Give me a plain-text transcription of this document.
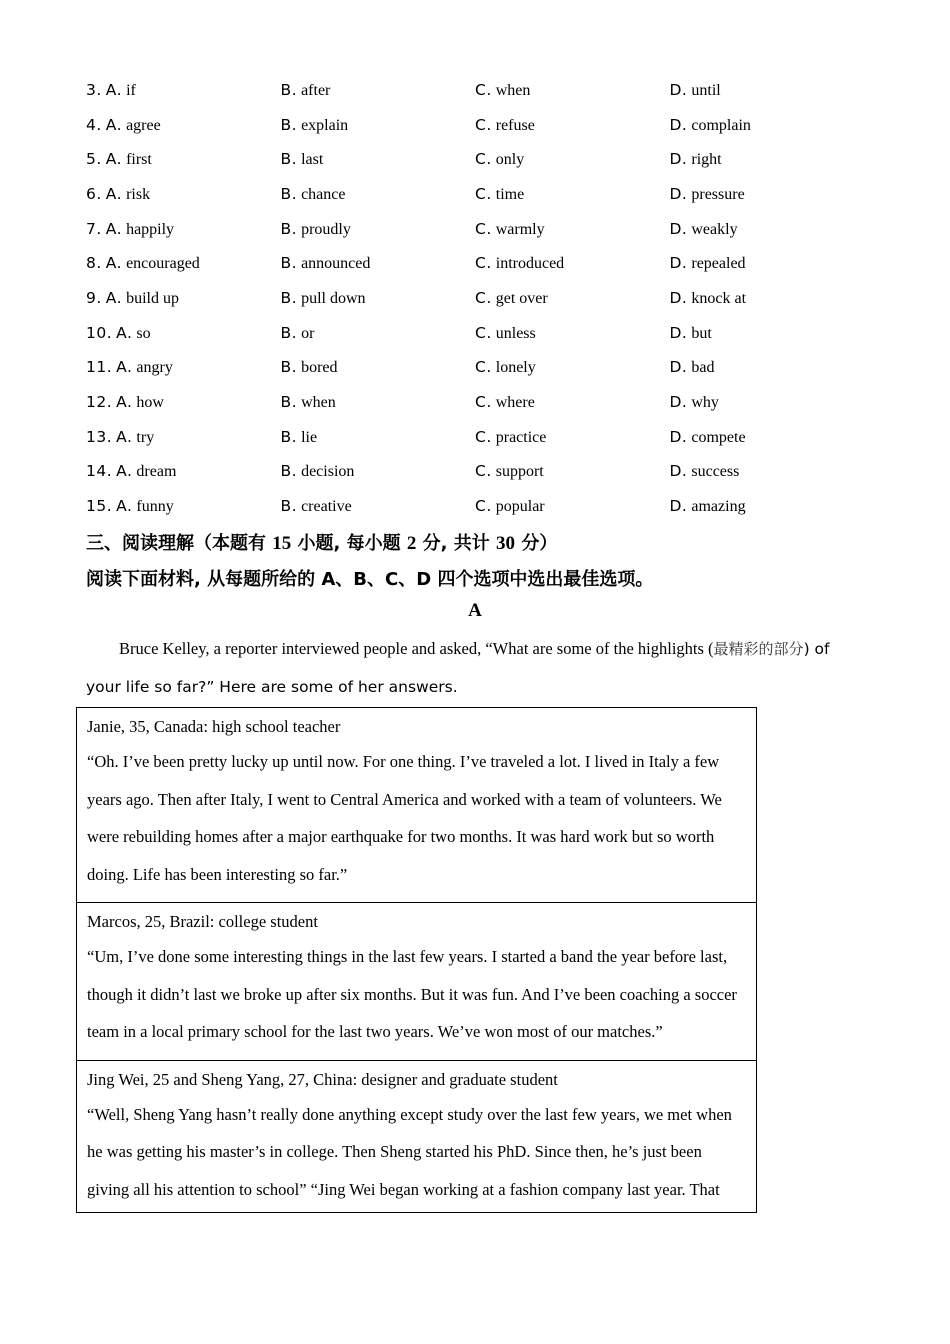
3. A. if	B. after	C. when	D. until
4. A. agree	B. explain	C. refuse	D. complain
5. A. first	B. last	C. only	D. right
6. A. risk	B. chance	C. time	D. pressure
7. A. happily	B. proudly	C. warmly	D. weakly
8. A. encouraged	B. announced	C. introduced	D. repealed
9. A. build up	B. pull down	C. get over	D. knock at
10. A. so	B. or	C. unless	D. but
11. A. angry	B. bored	C. lonely	D. bad
12. A. how	B. when	C. where	D. why
13. A. try	B. lie	C. practice	D. compete
14. A. dream	B. decision	C. support	D. success
15. A. funny	B. creative	C. popular	D. amazing
三、阅读理解（本题有 15 小题, 每小题 2 分, 共计 30 分）
阅读下面材料, 从每题所给的 A、B、C、D 四个选项中选出最佳选项。
A
Bruce Kelley, a reporter interviewed people and asked, “What are some of the highlights (最精彩的部分) of
your life so far?” Here are some of her answers.
Janie, 35, Canada: high school teacher
“Oh. I’ve been pretty lucky up until now. For one thing. I’ve traveled a lot. I lived in Italy a few years ago. Then after Italy, I went to Central America and worked with a team of volunteers. We were rebuilding homes after a major earthquake for two months. It was hard work but so worth doing. Life has been interesting so far.”
Marcos, 25, Brazil: college student
“Um, I’ve done some interesting things in the last few years. I started a band the year before last, though it didn’t last we broke up after six months. But it was fun. And I’ve been coaching a soccer team in a local primary school for the last two years. We’ve won most of our matches.”
Jing Wei, 25 and Sheng Yang, 27, China: designer and graduate student
“Well, Sheng Yang hasn’t really done anything except study over the last few years, we met when he was getting his master’s in college. Then Sheng started his PhD. Since then, he’s just been giving all his attention to school” “Jing Wei began working at a fashion company last year. That
